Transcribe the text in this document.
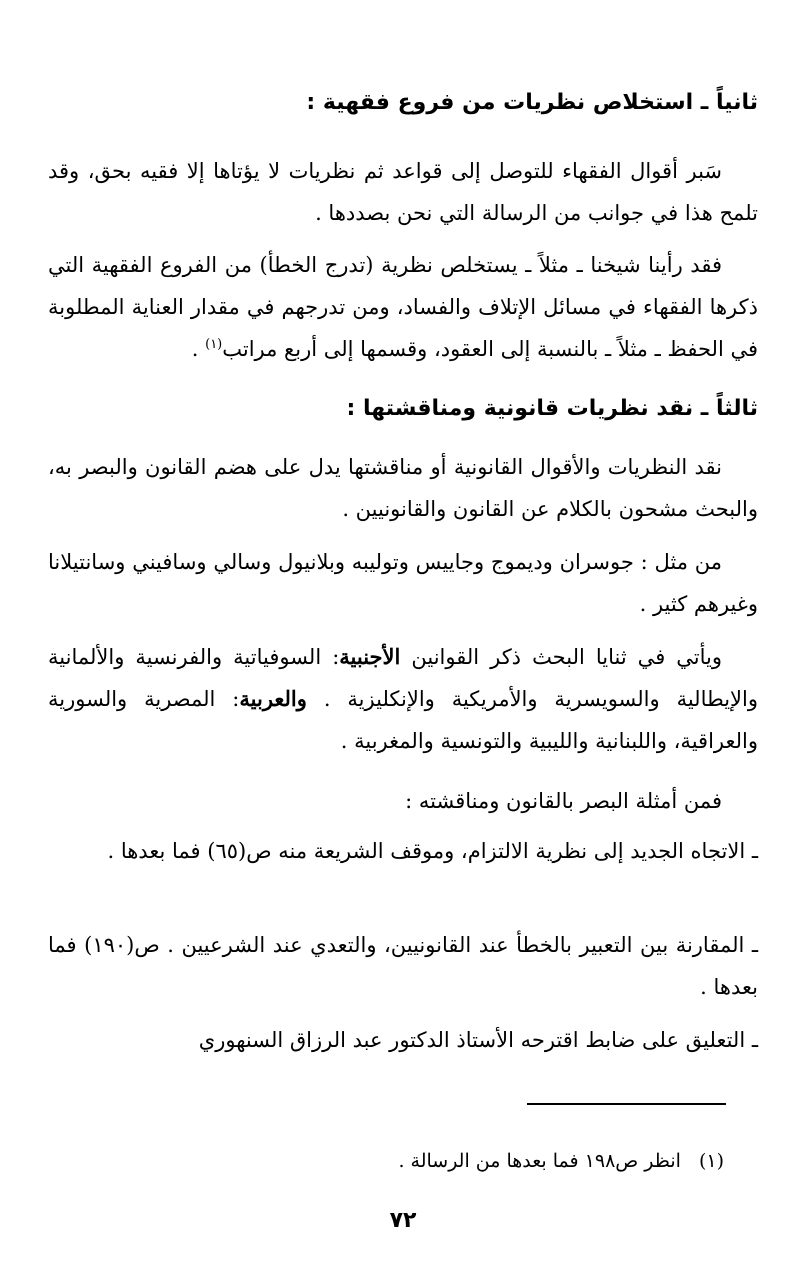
ثانياً ـ استخلاص نظريات من فروع فقهية :
سَبر أقوال الفقهاء للتوصل إلى قواعد ثم نظريات لا يؤتاها إلا فقيه بحق، وقد تلمح هذا في جوانب من الرسالة التي نحن بصددها .
فقد رأينا شيخنا ـ مثلاً ـ يستخلص نظرية (تدرج الخطأ) من الفروع الفقهية التي ذكرها الفقهاء في مسائل الإتلاف والفساد، ومن تدرجهم في مقدار العناية المطلوبة في الحفظ ـ مثلاً ـ بالنسبة إلى العقود، وقسمها إلى أربع مراتب$^{(١)}$ .
ثالثاً ـ نقد نظريات قانونية ومناقشتها :
نقد النظريات والأقوال القانونية أو مناقشتها يدل على هضم القانون والبصر به، والبحث مشحون بالكلام عن القانون والقانونيين .
من مثل : جوسران وديموج وجاييس وتوليبه وبلانيول وسالي وسافيني وسانتيلانا وغيرهم كثير .
ويأتي في ثنايا البحث ذكر القوانين الأجنبية: السوفياتية والفرنسية والألمانية والإيطالية والسويسرية والأمريكية والإنكليزية . والعربية: المصرية والسورية والعراقية، واللبنانية والليبية والتونسية والمغربية .
فمن أمثلة البصر بالقانون ومناقشته :
ـ الاتجاه الجديد إلى نظرية الالتزام، وموقف الشريعة منه ص(٦٥) فما بعدها .
ـ المقارنة بين التعبير بالخطأ عند القانونيين، والتعدي عند الشرعيين . ص(١٩٠) فما بعدها .
ـ التعليق على ضابط اقترحه الأستاذ الدكتور عبد الرزاق السنهوري
(١)انظر ص١٩٨ فما بعدها من الرسالة .
٧٢
